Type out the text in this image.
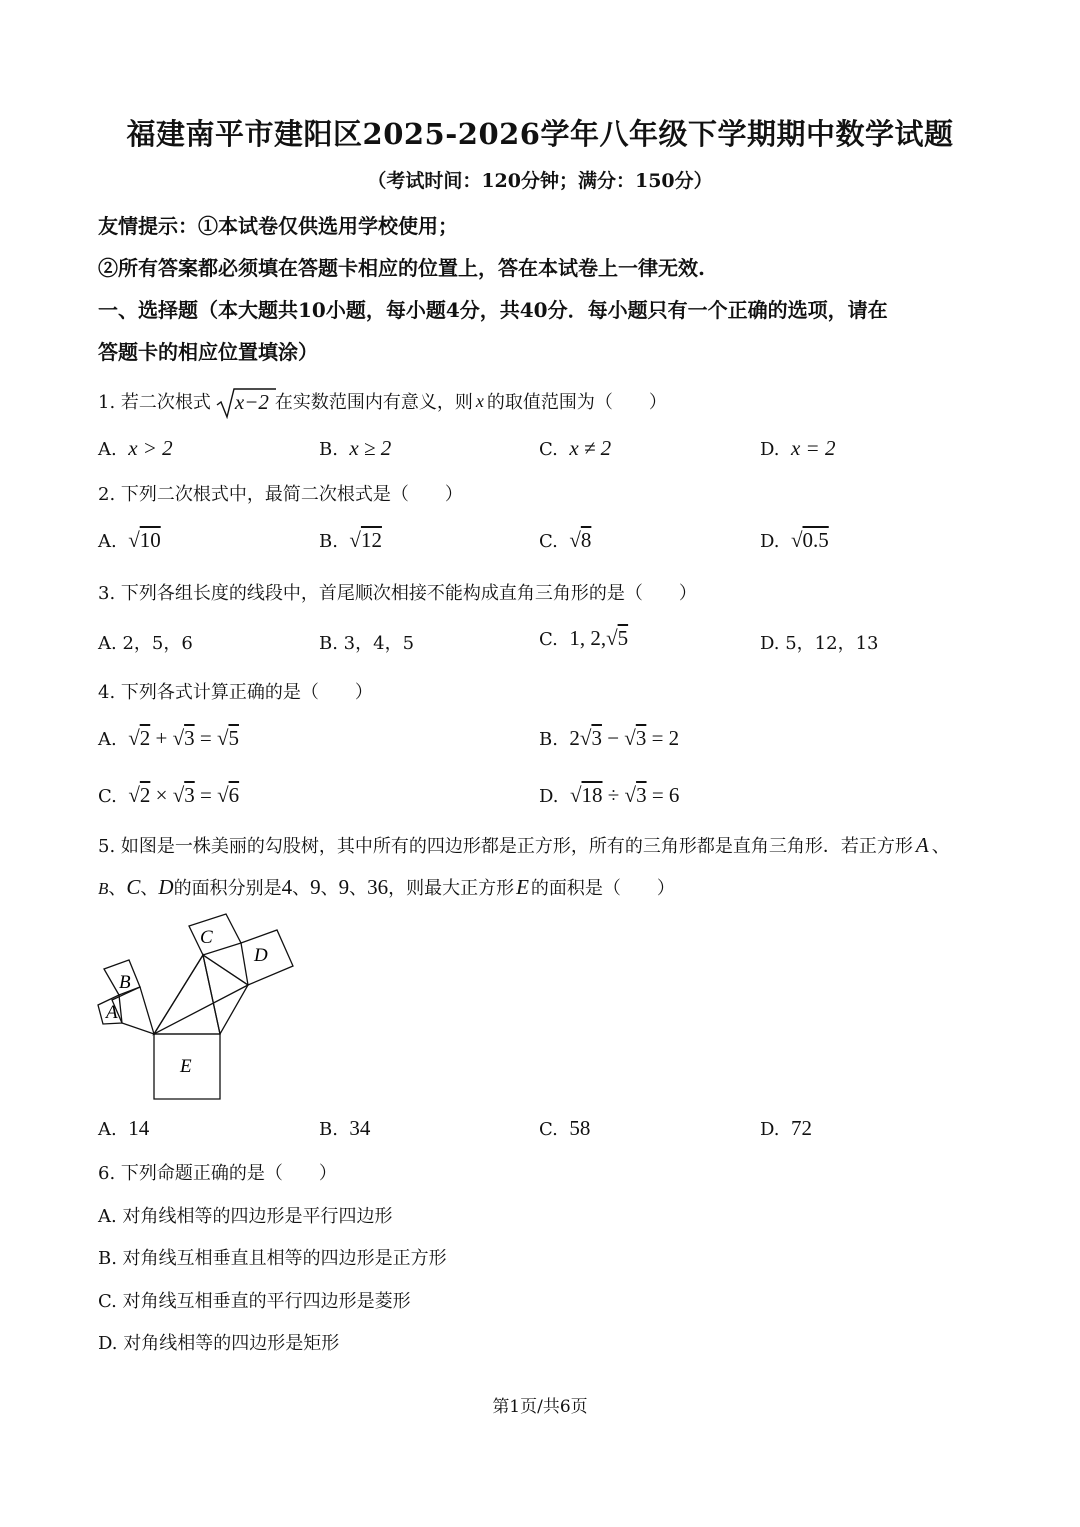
福建南平市建阳区2025-2026学年八年级下学期期中数学试题
（考试时间：120分钟；满分：150分）
友情提示：①本试卷仅供选用学校使用；
②所有答案都必须填在答题卡相应的位置上，答在本试卷上一律无效.
一、选择题（本大题共10小题，每小题4分，共40分．每小题只有一个正确的选项，请在
答题卡的相应位置填涂）
1. 若二次根式	x−2 在实数范围内有意义，则 x 的取值范围为（　　）
A. x > 2	B. x ≥ 2	C. x ≠ 2	D. x = 2
2. 下列二次根式中，最简二次根式是（　　）
A. √10	B. √12	C. √8	D. √0.5
3. 下列各组长度的线段中，首尾顺次相接不能构成直角三角形的是（　　）
A. 2，5，6	B. 3，4，5	C. 1, 2,√5	D. 5，12，13
4. 下列各式计算正确的是（　　）
A. √2 + √3 = √5	B. 2√3 − √3 = 2
C. √2 × √3 = √6	D. √18 ÷ √3 = 6
5. 如图是一株美丽的勾股树，其中所有的四边形都是正方形，所有的三角形都是直角三角形．若正方形 A 、
B、C、D的面积分别是4、9、9、36，则最大正方形E 的面积是（　　）
C
D
B
A
E
A. 14	B. 34	C. 58	D. 72
6. 下列命题正确的是（　　）
A. 对角线相等的四边形是平行四边形
B. 对角线互相垂直且相等的四边形是正方形
C. 对角线互相垂直的平行四边形是菱形
D. 对角线相等的四边形是矩形
第1页/共6页
